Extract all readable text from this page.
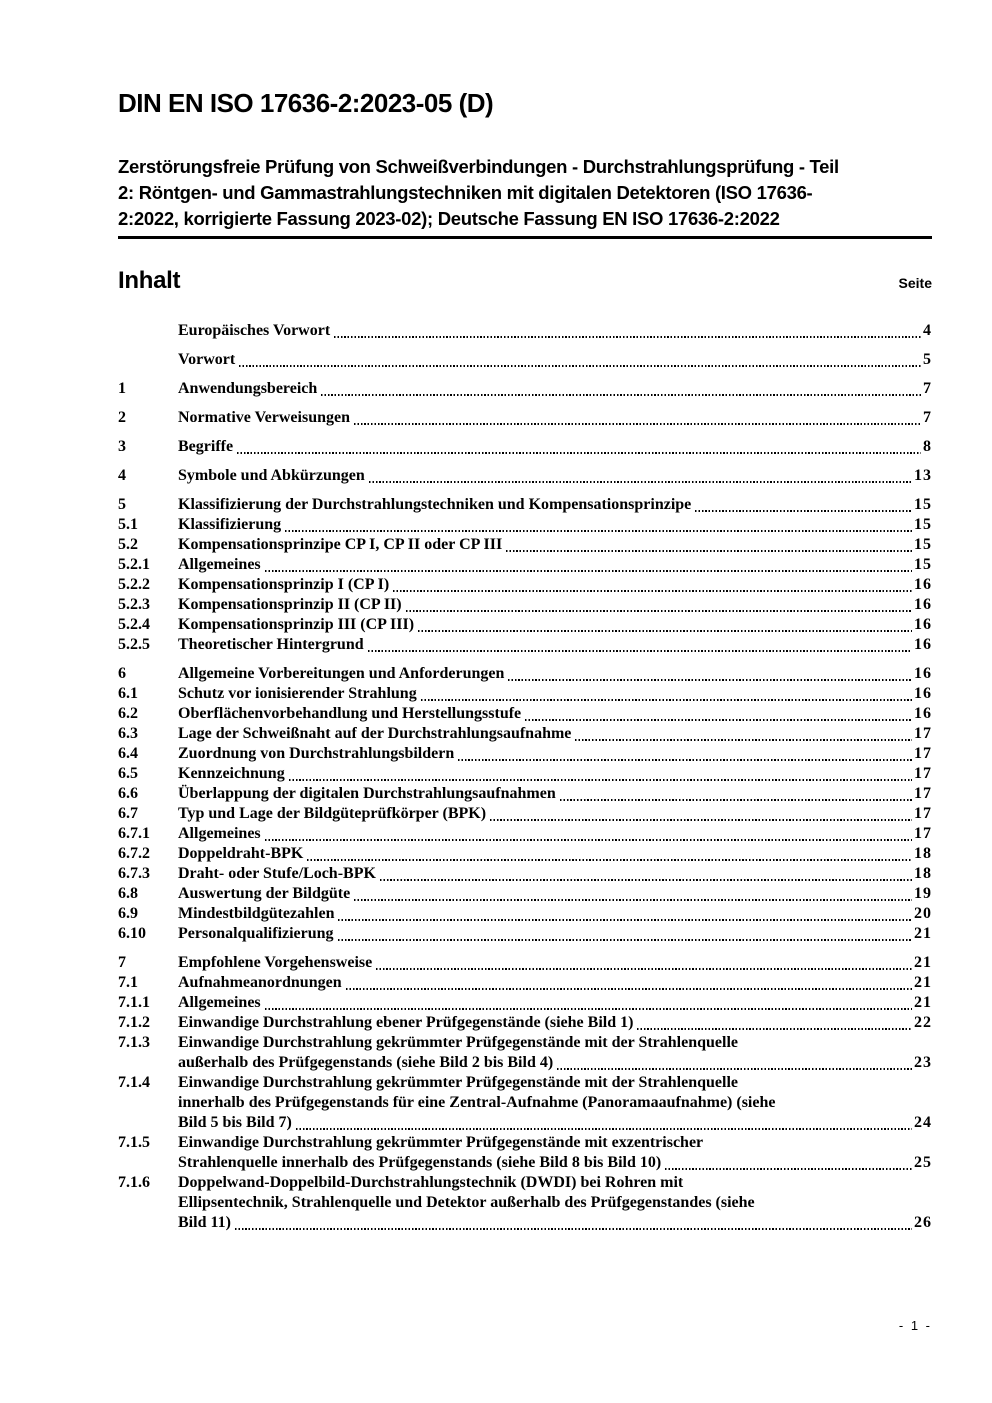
DIN EN ISO 17636-2:2023-05 (D)
Zerstörungsfreie Prüfung von Schweißverbindungen - Durchstrahlungsprüfung - Teil
2: Röntgen- und Gammastrahlungstechniken mit digitalen Detektoren (ISO 17636-
2:2022, korrigierte Fassung 2023-02); Deutsche Fassung EN ISO 17636-2:2022
Inhalt	Seite
Europäisches Vorwort	4
Vorwort	5
1	Anwendungsbereich	7
2	Normative Verweisungen	7
3	Begriffe	8
4	Symbole und Abkürzungen	13
5	Klassifizierung der Durchstrahlungstechniken und Kompensationsprinzipe	15
5.1	Klassifizierung	15
5.2	Kompensationsprinzipe CP I, CP II oder CP III	15
5.2.1	Allgemeines	15
5.2.2	Kompensationsprinzip I (CP I)	16
5.2.3	Kompensationsprinzip II (CP II)	16
5.2.4	Kompensationsprinzip III (CP III)	16
5.2.5	Theoretischer Hintergrund	16
6	Allgemeine Vorbereitungen und Anforderungen	16
6.1	Schutz vor ionisierender Strahlung	16
6.2	Oberflächenvorbehandlung und Herstellungsstufe	16
6.3	Lage der Schweißnaht auf der Durchstrahlungsaufnahme	17
6.4	Zuordnung von Durchstrahlungsbildern	17
6.5	Kennzeichnung	17
6.6	Überlappung der digitalen Durchstrahlungsaufnahmen	17
6.7	Typ und Lage der Bildgüteprüfkörper (BPK)	17
6.7.1	Allgemeines	17
6.7.2	Doppeldraht-BPK	18
6.7.3	Draht- oder Stufe/Loch-BPK	18
6.8	Auswertung der Bildgüte	19
6.9	Mindestbildgütezahlen	20
6.10	Personalqualifizierung	21
7	Empfohlene Vorgehensweise	21
7.1	Aufnahmeanordnungen	21
7.1.1	Allgemeines	21
7.1.2	Einwandige Durchstrahlung ebener Prüfgegenstände (siehe Bild 1)	22
7.1.3	Einwandige Durchstrahlung gekrümmter Prüfgegenstände mit der Strahlenquelle
außerhalb des Prüfgegenstands (siehe Bild 2 bis Bild 4)	23
7.1.4	Einwandige Durchstrahlung gekrümmter Prüfgegenstände mit der Strahlenquelle
innerhalb des Prüfgegenstands für eine Zentral-Aufnahme (Panoramaaufnahme) (siehe
Bild 5 bis Bild 7)	24
7.1.5	Einwandige Durchstrahlung gekrümmter Prüfgegenstände mit exzentrischer
Strahlenquelle innerhalb des Prüfgegenstands (siehe Bild 8 bis Bild 10)	25
7.1.6	Doppelwand-Doppelbild-Durchstrahlungstechnik (DWDI) bei Rohren mit
Ellipsentechnik, Strahlenquelle und Detektor außerhalb des Prüfgegenstandes (siehe
Bild 11)	26
- 1 -
